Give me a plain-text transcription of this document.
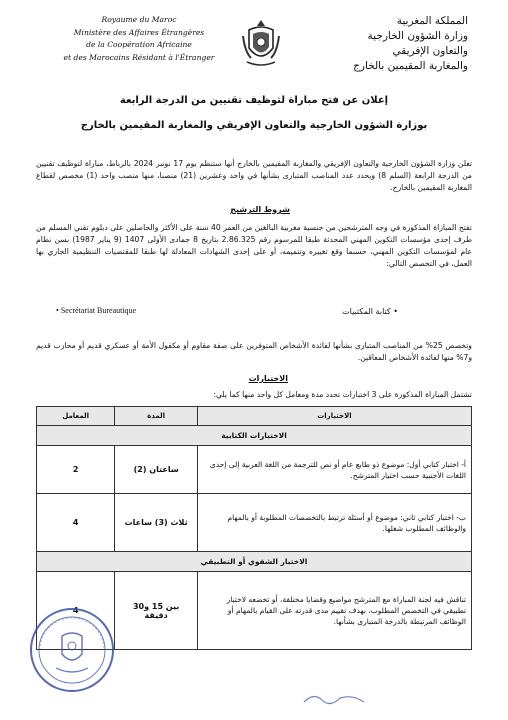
Royaume du Maroc
Ministère des Affaires Étrangères
de la Coopération Africaine
et des Marocains Résidant à l'Étranger
المملكة المغربية
وزارة الشؤون الخارجية
والتعاون الإفريقي
والمغاربة المقيمين بالخارج
إعلان عن فتح مباراة لتوظيف تقنيين من الدرجة الرابعة
بوزارة الشؤون الخارجية والتعاون الإفريقي والمغاربة المقيمين بالخارج
تعلن وزارة الشؤون الخارجية والتعاون الإفريقي والمغاربة المقيمين بالخارج أنها ستنظم يوم 17 نونبر 2024 بالرباط، مباراة لتوظيف تقنيين من الدرجة الرابعة (السلم 8) ويحدد عدد المناصب المتبارى بشأنها في واحد وعشرين (21) منصبا، منها منصب واحد (1) مخصص لقطاع المغاربة المقيمين بالخارج.
شروط الترشيح
تفتح المباراة المذكورة في وجه المترشحين من جنسية مغربية البالغين من العمر 40 سنة على الأكثر والحاصلين على دبلوم تقني المسلم من طرف إحدى مؤسسات التكوين المهني المحدثة طبقا للمرسوم رقم 2.86.325 بتاريخ 8 جمادى الأولى 1407 (9 يناير 1987) بسن نظام عام لمؤسسات التكوين المهني، حسبما وقع تغييره وتتميمه، أو على إحدى الشهادات المعادلة لها طبقا للمقتضيات التنظيمية الجاري بها العمل، في التخصص التالي:
• Secrétariat Bureautique	• كتابة المكتبيات
وتخصص 25% من المناصب المتبارى بشأنها لفائدة الأشخاص المتوفرين على صفة مقاوم أو مكفول الأمة أو عسكري قديم أو محارب قديم و7% منها لفائدة الأشخاص المعاقين.
الاختبارات
تشتمل المباراة المذكورة على 3 اختبارات تحدد مدة ومعامل كل واحد منها كما يلي:
الاختبارات	المدة	المعامل
الاختبارات الكتابية		
أ- اختبار كتابي أول: موضوع ذو طابع عام أو نص للترجمة من اللغة العربية إلى إحدى اللغات الأجنبية حسب اختيار المترشح.	ساعتان (2)	2
ب- اختبار كتابي ثاني: موضوع أو أسئلة ترتبط بالتخصصات المطلوبة أو بالمهام والوظائف المطلوب شغلها.	ثلاث (3) ساعات	4
الاختبار الشفوي أو التطبيقي		
تناقش فيه لجنة المباراة مع المترشح مواضيع وقضايا مختلفة، أو تخضعه لاختبار تطبيقي في التخصص المطلوب، بهدف تقييم مدى قدرته على القيام بالمهام أو الوظائف المرتبطة بالدرجة المتبارى بشأنها.	بين 15 و30 دقيقة	4
